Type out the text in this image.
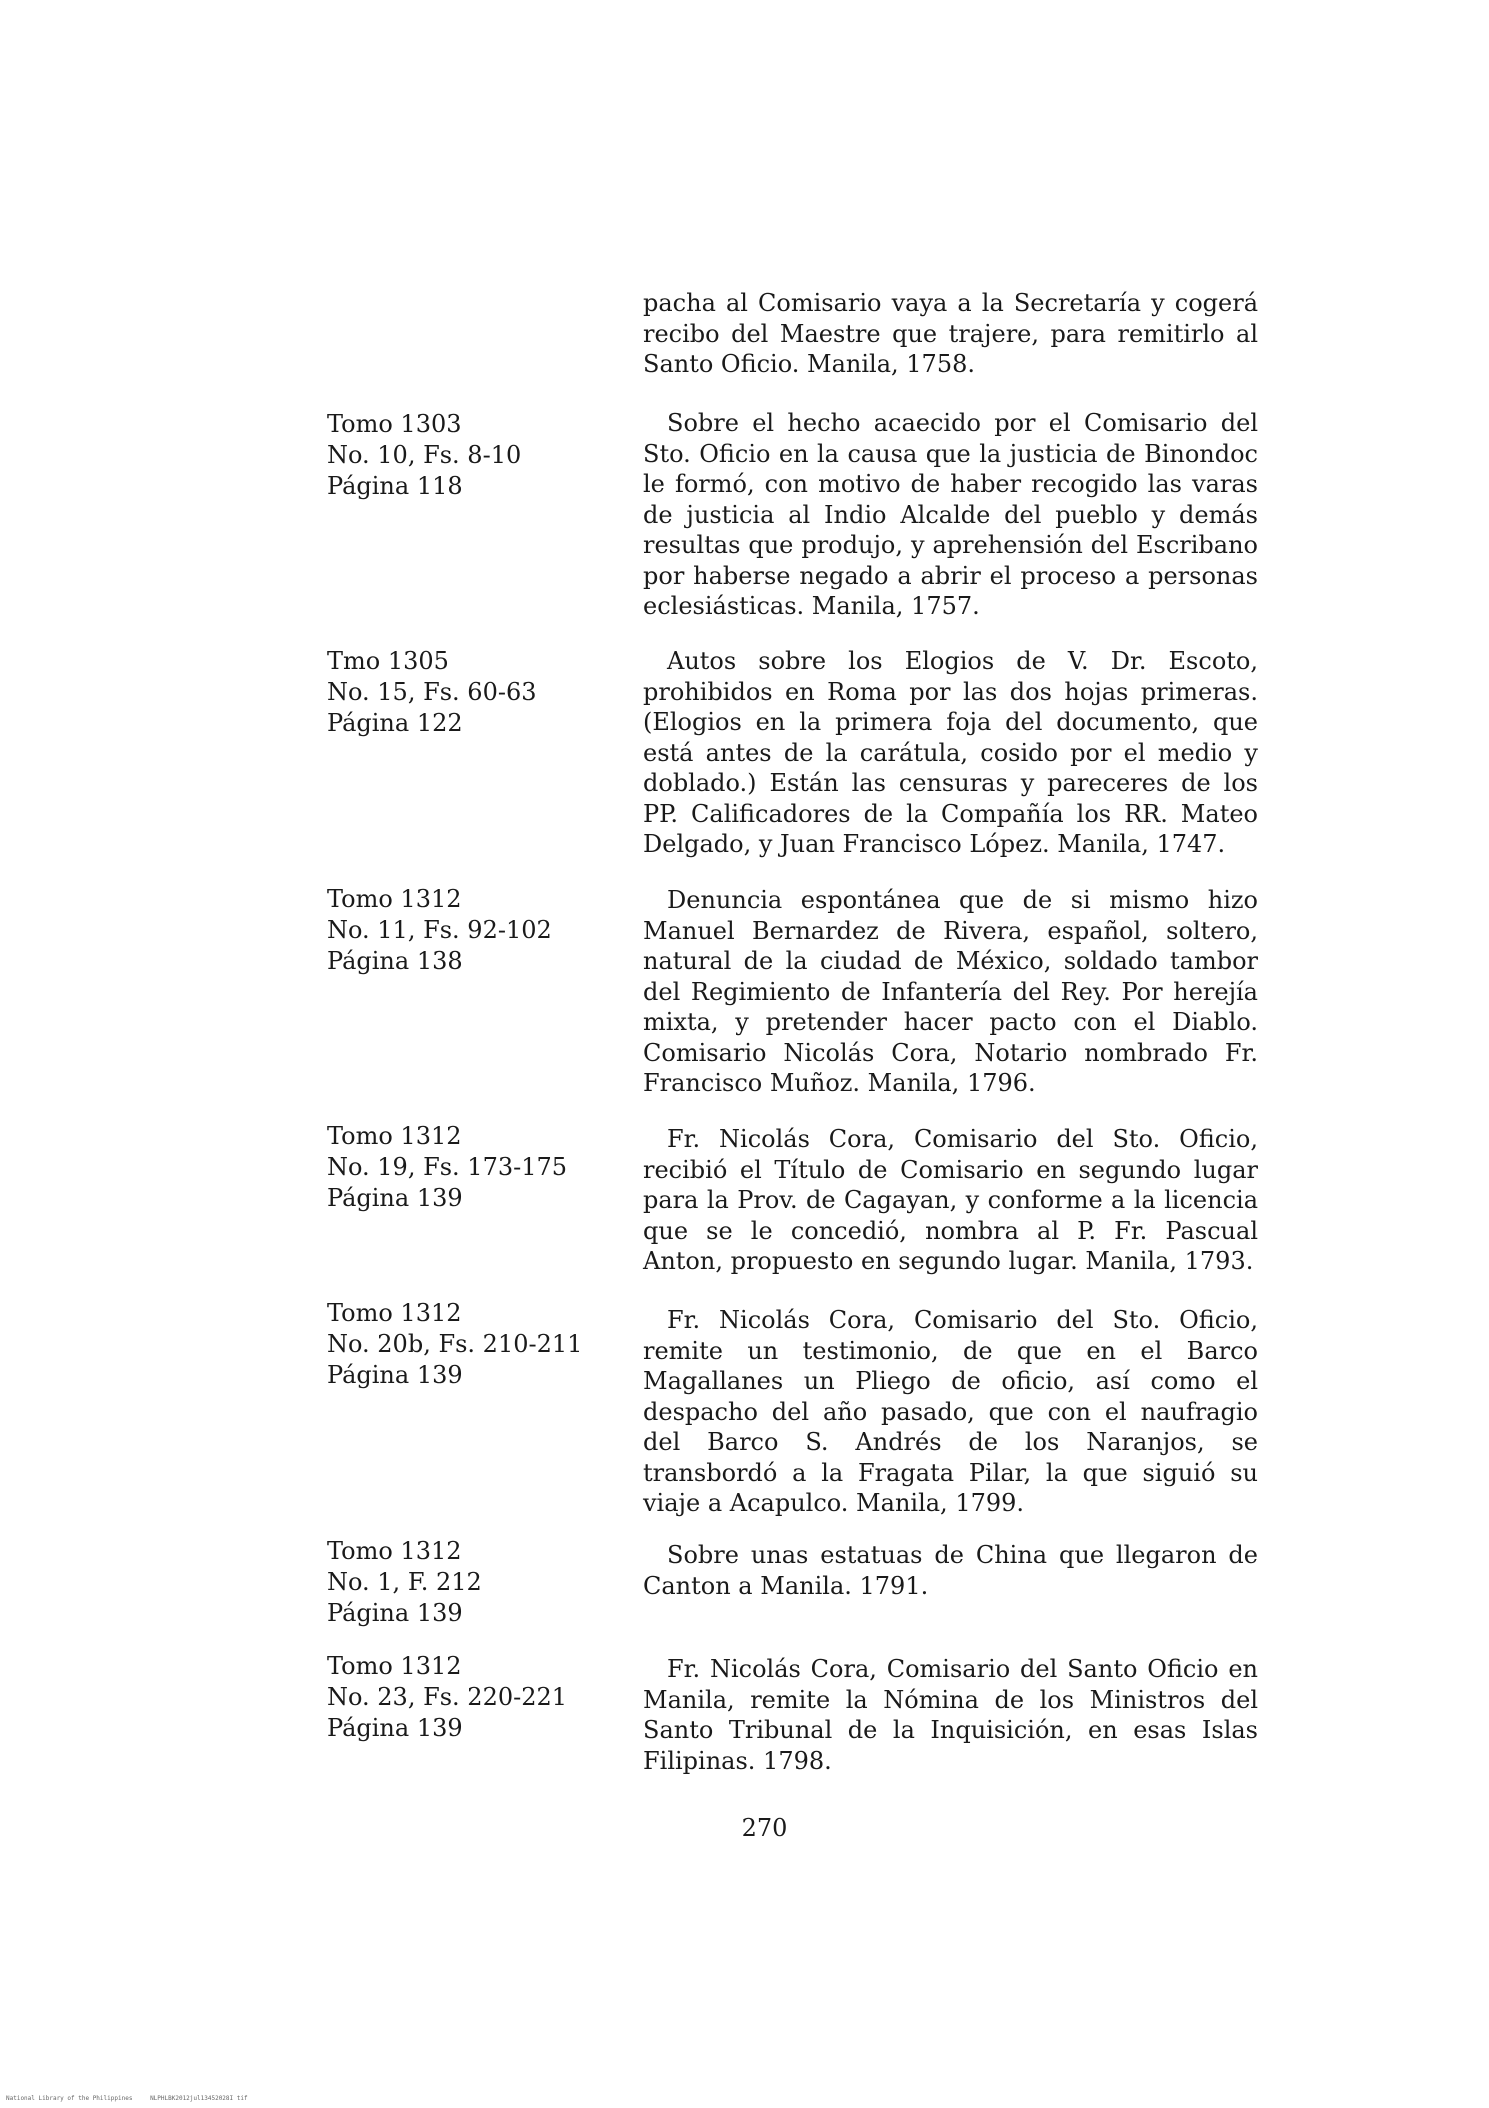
pacha al Comisario vaya a la Secretaría y cogerá recibo del Maestre que trajere, para remitirlo al Santo Oficio. Manila, 1758.

Tomo 1303
No. 10, Fs. 8-10
Página 118

Sobre el hecho acaecido por el Comisario del Sto. Oficio en la causa que la justicia de Binondoc le formó, con motivo de haber recogido las varas de justicia al Indio Alcalde del pueblo y demás resultas que produjo, y aprehensión del Escribano por haberse negado a abrir el proceso a personas eclesiásticas. Manila, 1757.

Tmo 1305
No. 15, Fs. 60-63
Página 122

Autos sobre los Elogios de V. Dr. Escoto, prohibidos en Roma por las dos hojas primeras. (Elogios en la primera foja del documento, que está antes de la carátula, cosido por el medio y doblado.) Están las censuras y pareceres de los PP. Calificadores de la Compañía los RR. Mateo Delgado, y Juan Francisco López. Manila, 1747.

Tomo 1312
No. 11, Fs. 92-102
Página 138

Denuncia espontánea que de si mismo hizo Manuel Bernardez de Rivera, español, soltero, natural de la ciudad de México, soldado tambor del Regimiento de Infantería del Rey. Por herejía mixta, y pretender hacer pacto con el Diablo. Comisario Nicolás Cora, Notario nombrado Fr. Francisco Muñoz. Manila, 1796.

Tomo 1312
No. 19, Fs. 173-175
Página 139

Fr. Nicolás Cora, Comisario del Sto. Oficio, recibió el Título de Comisario en segundo lugar para la Prov. de Cagayan, y conforme a la licencia que se le concedió, nombra al P. Fr. Pascual Anton, propuesto en segundo lugar. Manila, 1793.

Tomo 1312
No. 20b, Fs. 210-211
Página 139

Fr. Nicolás Cora, Comisario del Sto. Oficio, remite un testimonio, de que en el Barco Magallanes un Pliego de oficio, así como el despacho del año pasado, que con el naufragio del Barco S. Andrés de los Naranjos, se transbordó a la Fragata Pilar, la que siguió su viaje a Acapulco. Manila, 1799.

Tomo 1312
No. 1, F. 212
Página 139

Sobre unas estatuas de China que llegaron de Canton a Manila. 1791.

Tomo 1312
No. 23, Fs. 220-221
Página 139

Fr. Nicolás Cora, Comisario del Santo Oficio en Manila, remite la Nómina de los Ministros del Santo Tribunal de la Inquisición, en esas Islas Filipinas. 1798.

270
National Library of the Philippines	NLPHLBK2012jul13452028I tif
